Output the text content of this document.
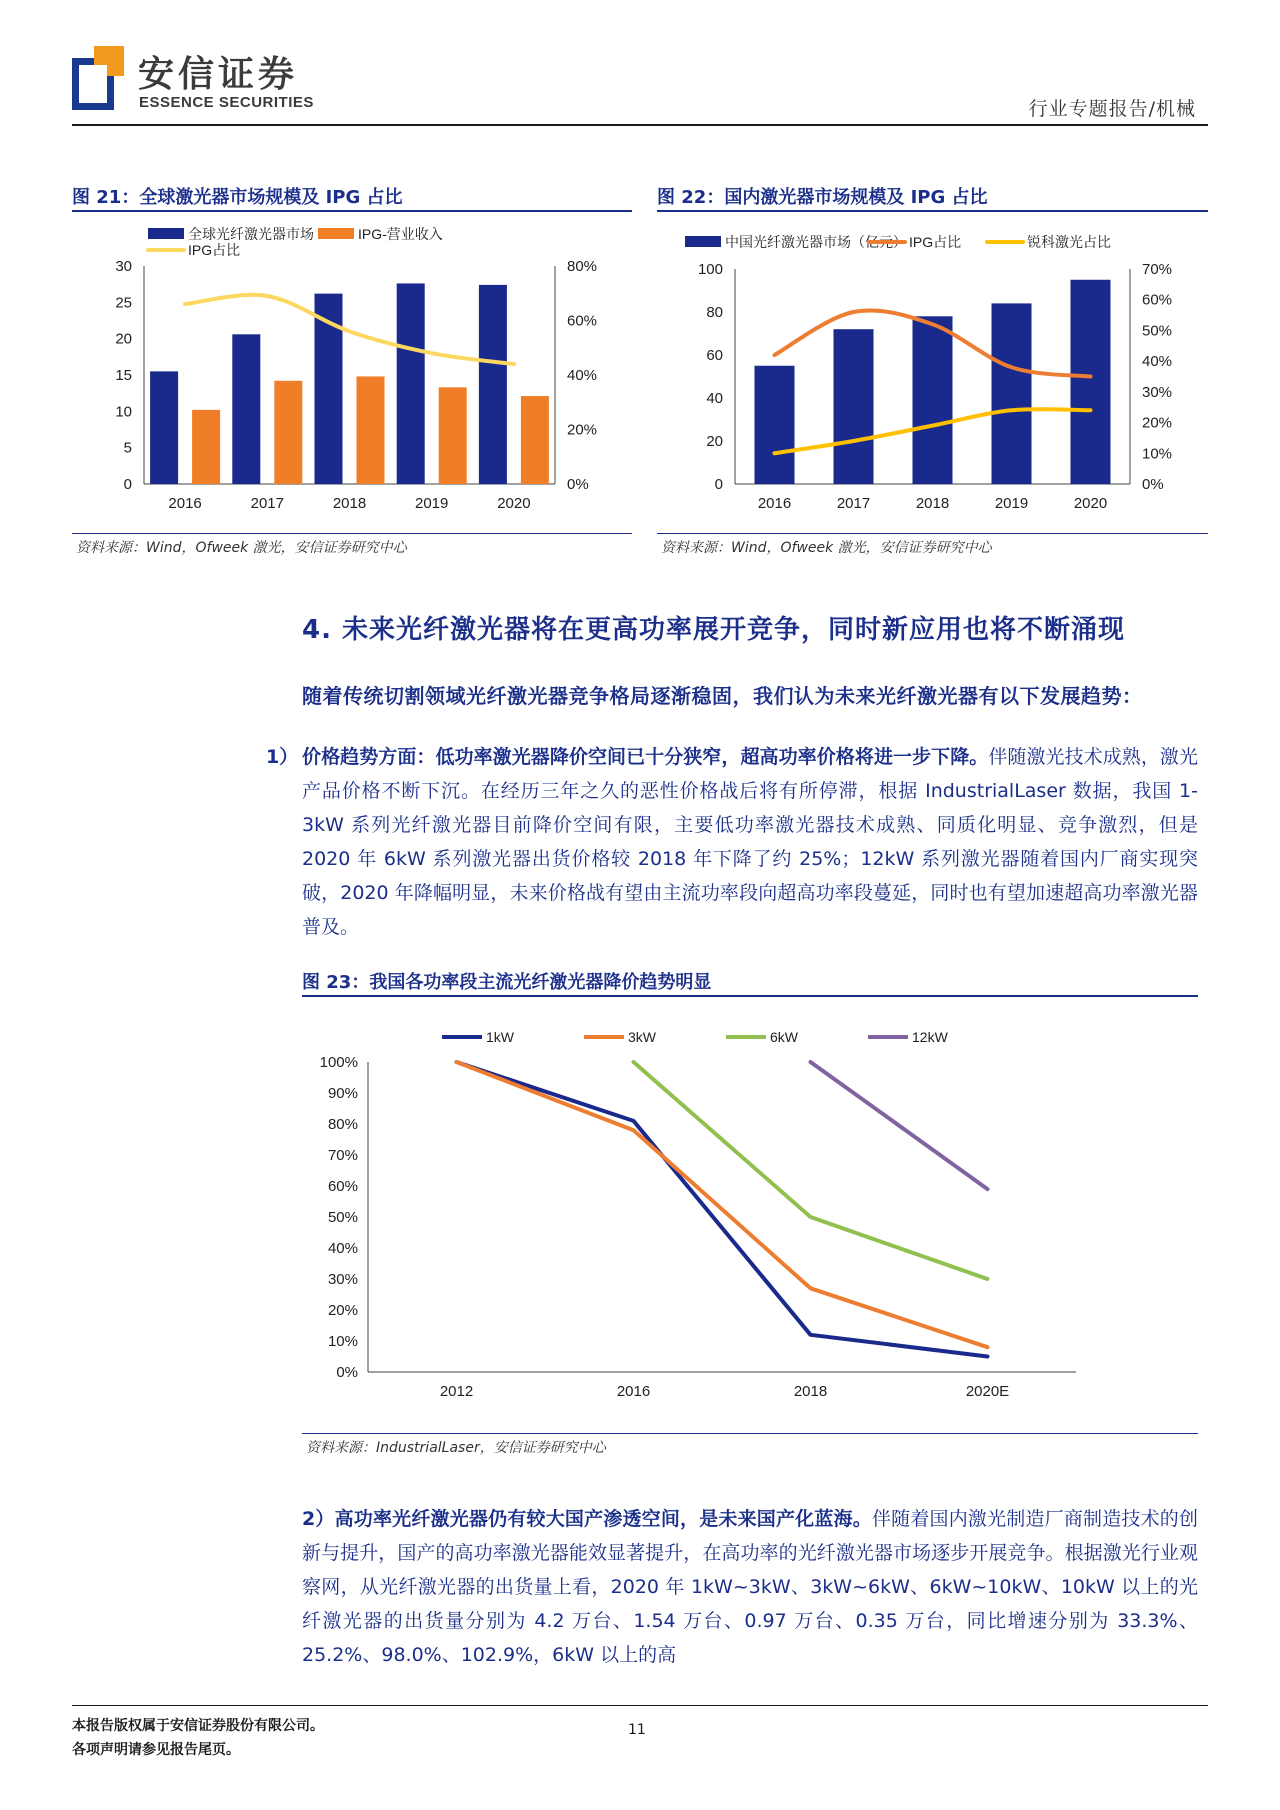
安信证券
ESSENCE SECURITIES	行业专题报告/机械
图 21：全球激光器市场规模及 IPG 占比
全球光纤激光器市场	IPG-营业收入
IPG占比
0
5
10
15
20
25
30
0%
20%
40%
60%
80%
2016	2017	2018	2019	2020
资料来源：Wind，Ofweek 激光，安信证券研究中心
图 22：国内激光器市场规模及 IPG 占比
中国光纤激光器市场（亿元） IPG占比	锐科激光占比
0
20
40
60
80
100
0%
10%
20%
30%
40%
50%
60%
70%
2016	2017	2018	2019	2020
资料来源：Wind，Ofweek 激光，安信证券研究中心
4. 未来光纤激光器将在更高功率展开竞争，同时新应用也将不断涌现
随着传统切割领域光纤激光器竞争格局逐渐稳固，我们认为未来光纤激光器有以下发展趋势：
1） 价格趋势方面：低功率激光器降价空间已十分狭窄，超高功率价格将进一步下降。伴随激光技术成熟，激光产品价格不断下沉。在经历三年之久的恶性价格战后将有所停滞，根据 IndustrialLaser 数据，我国 1-3kW 系列光纤激光器目前降价空间有限，主要低功率激光器技术成熟、同质化明显、竞争激烈，但是 2020 年 6kW 系列激光器出货价格较 2018 年下降了约 25%；12kW 系列激光器随着国内厂商实现突破，2020 年降幅明显，未来价格战有望由主流功率段向超高功率段蔓延，同时也有望加速超高功率激光器普及。
图 23：我国各功率段主流光纤激光器降价趋势明显
1kW	3kW	6kW	12kW
0%
10%
20%
30%
40%
50%
60%
70%
80%
90%
100%
2012	2016	2018	2020E
资料来源：IndustrialLaser，安信证券研究中心
2）高功率光纤激光器仍有较大国产渗透空间，是未来国产化蓝海。伴随着国内激光制造厂商制造技术的创新与提升，国产的高功率激光器能效显著提升，在高功率的光纤激光器市场逐步开展竞争。根据激光行业观察网，从光纤激光器的出货量上看，2020 年 1kW~3kW、3kW~6kW、6kW~10kW、10kW 以上的光纤激光器的出货量分别为 4.2 万台、1.54 万台、0.97 万台、0.35 万台，同比增速分别为 33.3%、25.2%、98.0%、102.9%，6kW 以上的高
本报告版权属于安信证券股份有限公司。
各项声明请参见报告尾页。
11
